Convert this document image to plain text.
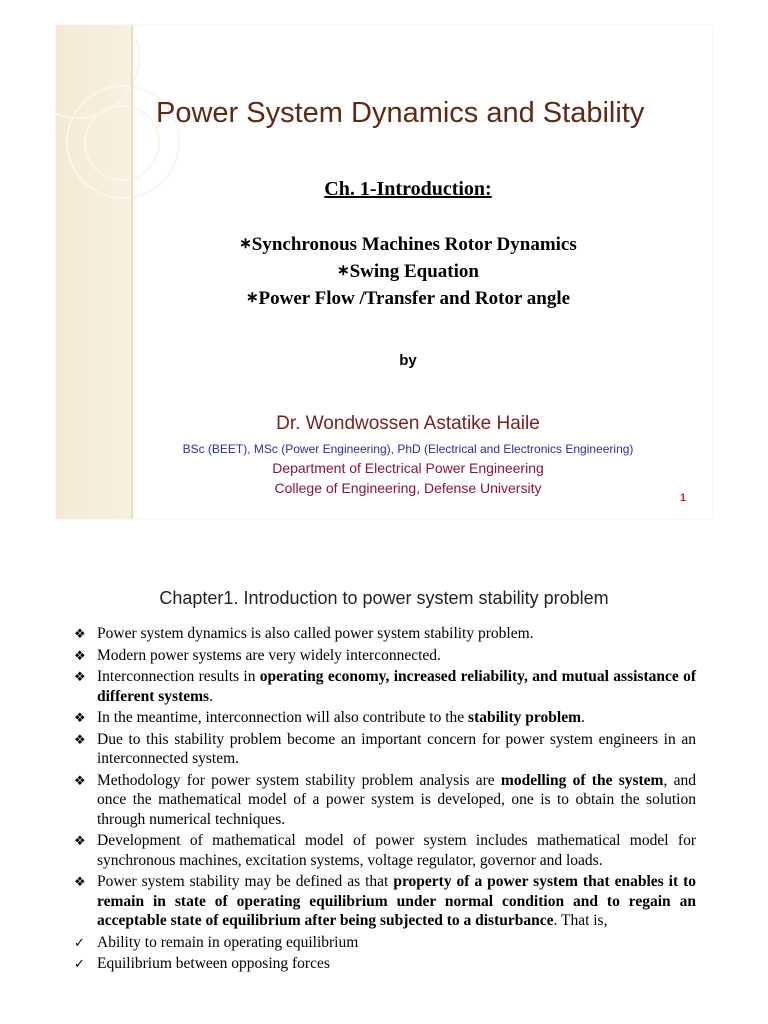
Power System Dynamics and Stability
Ch. 1-Introduction:
∗Synchronous Machines Rotor Dynamics
∗Swing Equation
∗Power Flow /Transfer and Rotor angle
by
Dr. Wondwossen Astatike Haile
BSc (BEET), MSc (Power Engineering), PhD (Electrical and Electronics Engineering)
Department of Electrical Power Engineering
College of Engineering, Defense University
1
Chapter1. Introduction to power system stability problem
❖ Power system dynamics is also called power system stability problem.
❖ Modern power systems are very widely interconnected.
❖ Interconnection results in operating economy, increased reliability, and mutual assistance of different systems.
❖ In the meantime, interconnection will also contribute to the stability problem.
❖ Due to this stability problem become an important concern for power system engineers in an interconnected system.
❖ Methodology for power system stability problem analysis are modelling of the system, and once the mathematical model of a power system is developed, one is to obtain the solution through numerical techniques.
❖ Development of mathematical model of power system includes mathematical model for synchronous machines, excitation systems, voltage regulator, governor and loads.
❖ Power system stability may be defined as that property of a power system that enables it to remain in state of operating equilibrium under normal condition and to regain an acceptable state of equilibrium after being subjected to a disturbance. That is,
✓ Ability to remain in operating equilibrium
✓ Equilibrium between opposing forces
